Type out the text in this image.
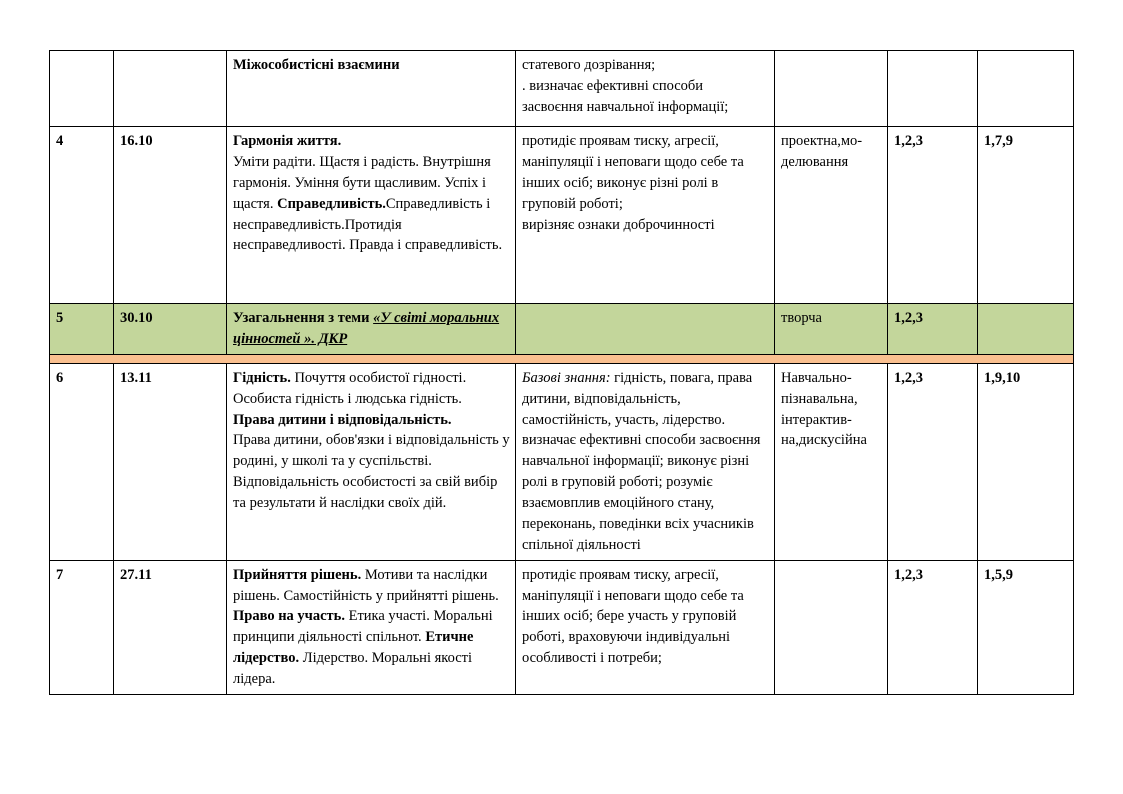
		Міжособистісні взаємини	статевого дозрівання;
. визначає ефективні способи
засвоєння навчальної інформації;			

4	16.10	Гармонія життя.
Уміти радіти. Щастя і радість. Внутрішня гармонія. Уміння бути щасливим. Успіх і щастя. Справедливість.Справедливість і несправедливість.Протидія несправедливості. Правда і справедливість.	протидіє проявам тиску, агресії, маніпуляції і неповаги щодо себе та інших осіб; виконує різні ролі в груповій роботі;
вирізняє ознаки доброчинності	проектна,мо-делювання	1,2,3	1,7,9
5	30.10	Узагальнення з теми «У світі моральних цінностей ». ДКР		творча	1,2,3	

6	13.11	Гідність. Почуття особистої гідності. Особиста гідність і людська гідність.
Права дитини і відповідальність.
Права дитини, обов'язки і відповідальність у родині, у школі та у суспільстві. Відповідальність особистості за свій вибір та результати й наслідки своїх дій.	Базові знання: гідність, повага, права дитини, відповідальність, самостійність, участь, лідерство. визначає ефективні способи засвоєння навчальної інформації; виконує різні ролі в груповій роботі; розуміє взаємовплив емоційного стану, переконань, поведінки всіх учасників спільної діяльності	Навчально-пізнавальна, інтерактив-на,дискусійна	1,2,3	1,9,10
7	27.11	Прийняття рішень. Мотиви та наслідки рішень. Самостійність у прийнятті рішень. Право на участь. Етика участі. Моральні принципи діяльності спільнот. Етичне лідерство. Лідерство. Моральні якості лідера.	протидіє проявам тиску, агресії, маніпуляції і неповаги щодо себе та інших осіб; бере участь у груповій роботі, враховуючи індивідуальні особливості і потреби;		1,2,3	1,5,9
